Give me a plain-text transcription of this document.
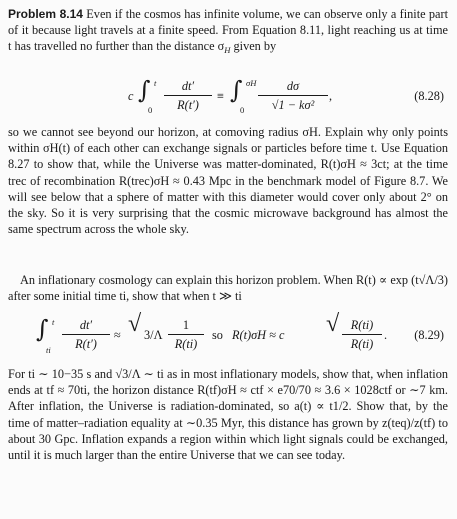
Problem 8.14 Even if the cosmos has infinite volume, we can observe only a finite part of it because light travels at a finite speed. From Equation 8.11, light reaching us at time t has travelled no further than the distance $\sigma_H$ given by

c ∫ t
$0 \frac{dt'}{R(t')}$ ≡ ∫ σH
$0 \frac{d\sigma}{\text{√1 − kσ²}}$ ,	(8.28)

so we cannot see beyond our horizon, at comoving radius σH. Explain why only points within σH(t) of each other can exchange signals or particles before time t. Use Equation 8.27 to show that, while the Universe was matter-dominated, R(t)σH ≈ 3ct; at the time trec of recombination R(trec)σH ≈ 0.43 Mpc in the benchmark model of Figure 8.7. We will see below that a sphere of matter with this diameter would cover only about 2° on the sky. So it is very surprising that the cosmic microwave background has almost the same spectrum across the whole sky.

An inflationary cosmology can explain this horizon problem. When R(t) ∝ exp (t√Λ/3) after some initial time ti, show that when t ≫ ti

∫ t
ti $\frac{dt'}{R(t')}$ ≈ √ $3/\Lambda \frac{1}{R(ti)}$ so R(t)σH ≈ c √ $\frac{R(ti)}{R(ti)}$ . (8.29)

For ti ∼ 10−35 s and √3/Λ ∼ ti as in most inflationary models, show that, when inflation ends at tf ≈ 70ti, the horizon distance R(tf)σH ≈ ctf × e70/70 ≈ 3.6 × 1028ctf or ∼7 km. After inflation, the Universe is radiation-dominated, so a(t) ∝ t1/2. Show that, by the time of matter–radiation equality at ∼0.35 Myr, this distance has grown by z(teq)/z(tf) to about 30 Gpc. Inflation expands a region within which light signals could be exchanged, until it is much larger than the entire Universe that we can see today.
